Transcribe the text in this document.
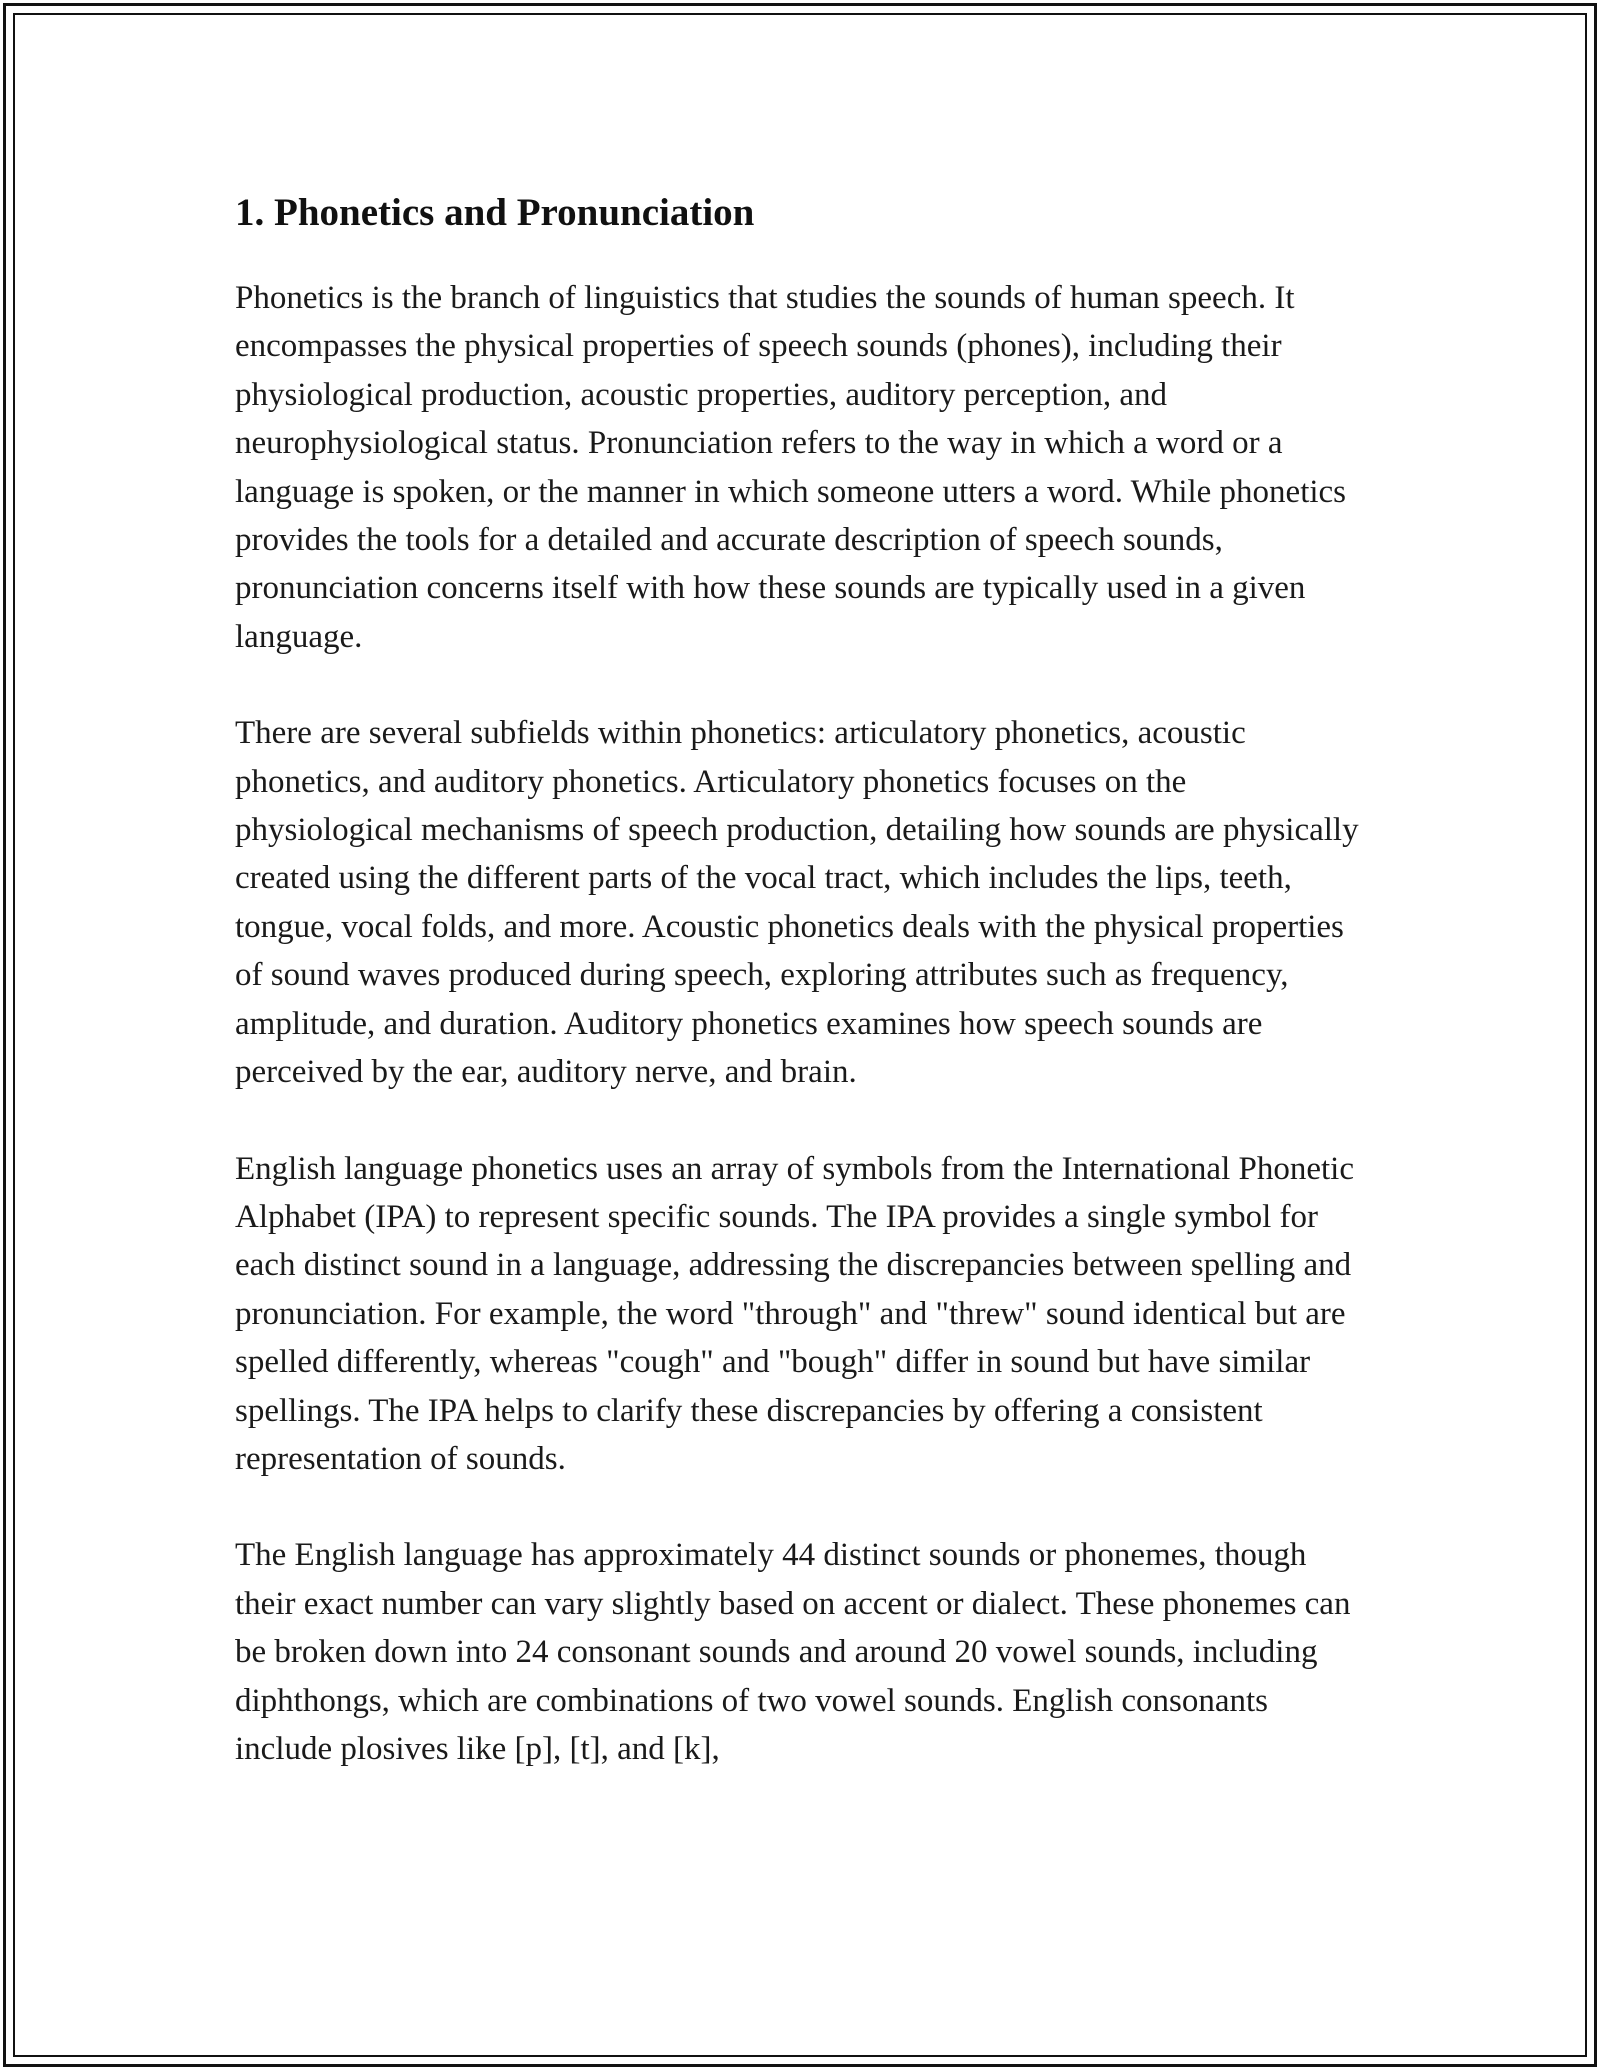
1. Phonetics and Pronunciation

Phonetics is the branch of linguistics that studies the sounds of human speech. It encompasses the physical properties of speech sounds (phones), including their physiological production, acoustic properties, auditory perception, and neurophysiological status. Pronunciation refers to the way in which a word or a language is spoken, or the manner in which someone utters a word. While phonetics provides the tools for a detailed and accurate description of speech sounds, pronunciation concerns itself with how these sounds are typically used in a given language.

There are several subfields within phonetics: articulatory phonetics, acoustic phonetics, and auditory phonetics. Articulatory phonetics focuses on the physiological mechanisms of speech production, detailing how sounds are physically created using the different parts of the vocal tract, which includes the lips, teeth, tongue, vocal folds, and more. Acoustic phonetics deals with the physical properties of sound waves produced during speech, exploring attributes such as frequency, amplitude, and duration. Auditory phonetics examines how speech sounds are perceived by the ear, auditory nerve, and brain.

English language phonetics uses an array of symbols from the International Phonetic Alphabet (IPA) to represent specific sounds. The IPA provides a single symbol for each distinct sound in a language, addressing the discrepancies between spelling and pronunciation. For example, the word "through" and "threw" sound identical but are spelled differently, whereas "cough" and "bough" differ in sound but have similar spellings. The IPA helps to clarify these discrepancies by offering a consistent representation of sounds.

The English language has approximately 44 distinct sounds or phonemes, though their exact number can vary slightly based on accent or dialect. These phonemes can be broken down into 24 consonant sounds and around 20 vowel sounds, including diphthongs, which are combinations of two vowel sounds. English consonants include plosives like [p], [t], and [k],
